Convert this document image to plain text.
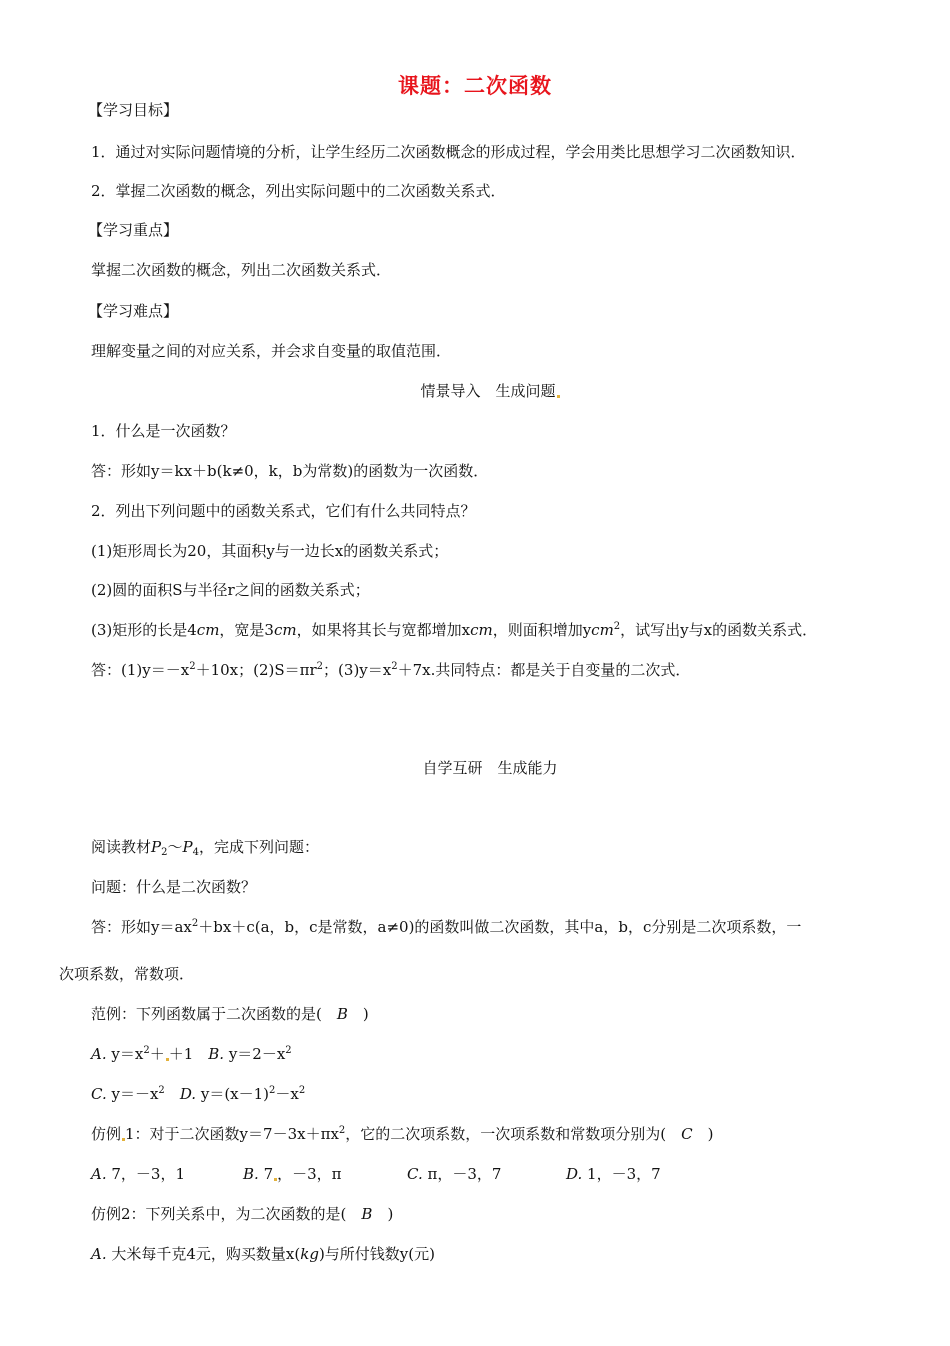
课题：二次函数
【学习目标】
1．通过对实际问题情境的分析，让学生经历二次函数概念的形成过程，学会用类比思想学习二次函数知识．
2．掌握二次函数的概念，列出实际问题中的二次函数关系式．
【学习重点】
掌握二次函数的概念，列出二次函数关系式．
【学习难点】
理解变量之间的对应关系，并会求自变量的取值范围．
情景导入　生成问题
1．什么是一次函数？
答：形如y＝kx＋b(k≠0，k，b为常数)的函数为一次函数．
2．列出下列问题中的函数关系式，它们有什么共同特点？
(1)矩形周长为20，其面积y与一边长x的函数关系式；
(2)圆的面积S与半径r之间的函数关系式；
(3)矩形的长是4cm，宽是3cm，如果将其长与宽都增加xcm，则面积增加ycm$^2$，试写出y与x的函数关系式．
答：$(1)y=-x^2+10x$；$(2)S=\pi r^2$；$(3)y=x^2+7x$.共同特点：都是关于自变量的二次式．
自学互研　生成能力
阅读教材$P_2\sim P_4$，完成下列问题：
问题：什么是二次函数？
答：形如$y=ax^2+bx+c(a$，b，c是常数，a≠0)的函数叫做二次函数，其中a，b，c分别是二次项系数，一
次项系数，常数项．
范例：下列函数属于二次函数的是(　B　)
A. $y=x^2+ +1$　B. $y=2-x^2$
C. $y=-x^2$　 D. $y=(x-1)^2-x^2$
仿例 1：对于二次函数$y=7-3x+\pi x^2$，它的二次项系数，一次项系数和常数项分别为(　C　)
A. 7，－3，1	B. 7 ，－3，π	C. π，－3，7	D. 1，－3，7
仿例2：下列关系中，为二次函数的是(　B　)
A. 大米每千克4元，购买数量x(kg)与所付钱数y(元)
